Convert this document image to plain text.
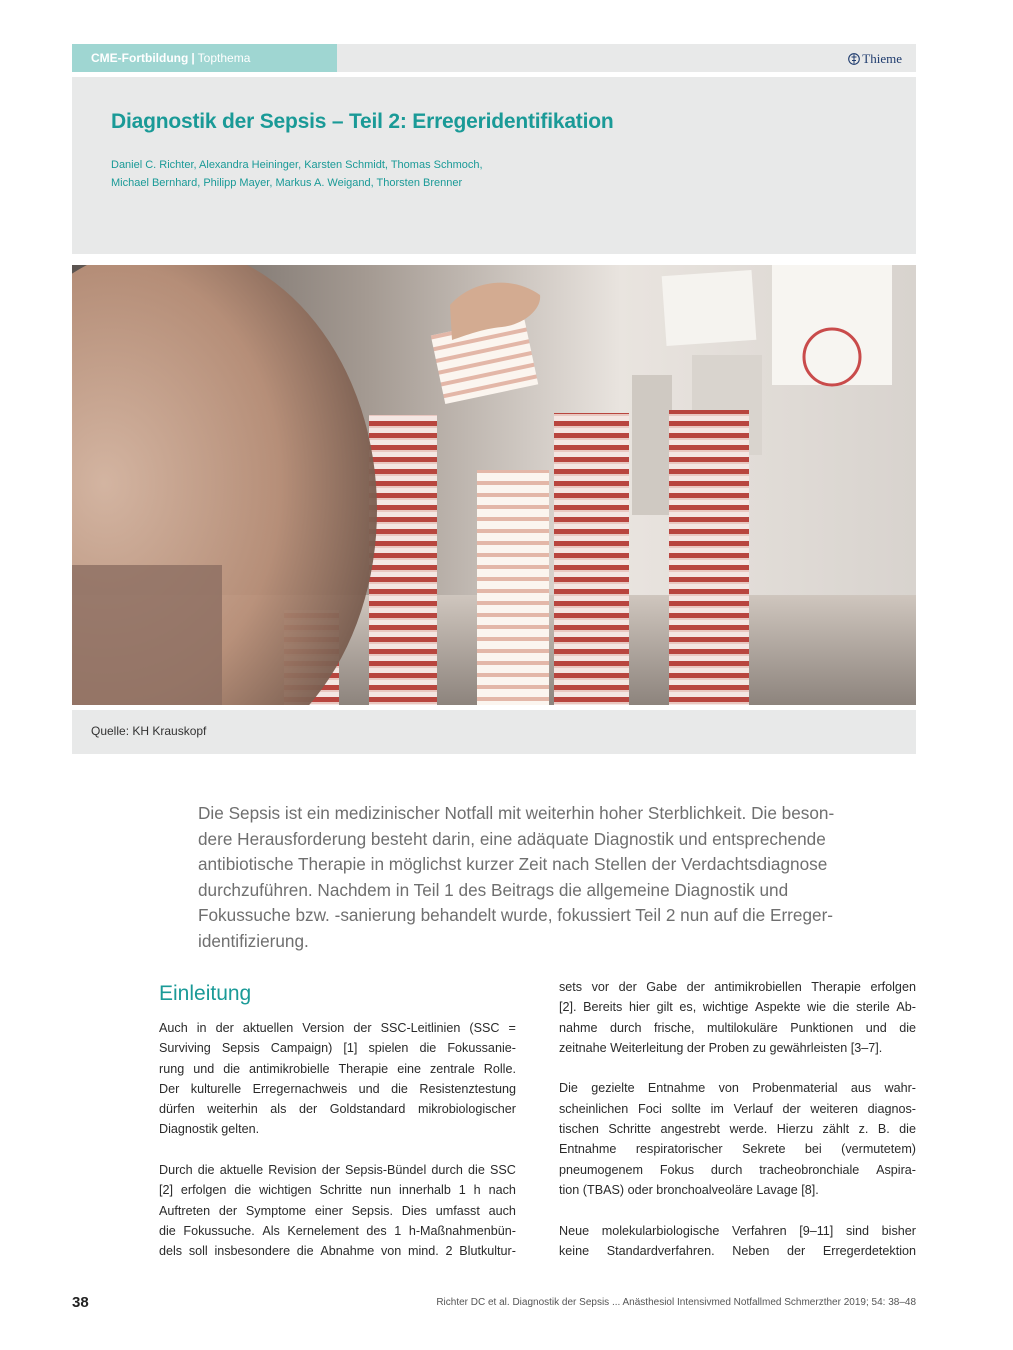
CME-Fortbildung | Topthema	Thieme
Diagnostik der Sepsis – Teil 2: Erregeridentifikation
Daniel C. Richter, Alexandra Heininger, Karsten Schmidt, Thomas Schmoch,
Michael Bernhard, Philipp Mayer, Markus A. Weigand, Thorsten Brenner
Quelle: KH Krauskopf
Die Sepsis ist ein medizinischer Notfall mit weiterhin hoher Sterblichkeit. Die beson-
dere Herausforderung besteht darin, eine adäquate Diagnostik und entsprechende
antibiotische Therapie in möglichst kurzer Zeit nach Stellen der Verdachtsdiagnose
durchzuführen. Nachdem in Teil 1 des Beitrags die allgemeine Diagnostik und
Fokussuche bzw. -sanierung behandelt wurde, fokussiert Teil 2 nun auf die Erreger-
identifizierung.
Einleitung
Auch in der aktuellen Version der SSC-Leitlinien (SSC =
Surviving Sepsis Campaign) [1] spielen die Fokussanie-
rung und die antimikrobielle Therapie eine zentrale Rolle.
Der kulturelle Erregernachweis und die Resistenztestung
dürfen weiterhin als der Goldstandard mikrobiologischer
Diagnostik gelten.
Durch die aktuelle Revision der Sepsis-Bündel durch die SSC
[2] erfolgen die wichtigen Schritte nun innerhalb 1 h nach
Auftreten der Symptome einer Sepsis. Dies umfasst auch
die Fokussuche. Als Kernelement des 1 h-Maßnahmenbün-
dels soll insbesondere die Abnahme von mind. 2 Blutkultur-
sets vor der Gabe der antimikrobiellen Therapie erfolgen
[2]. Bereits hier gilt es, wichtige Aspekte wie die sterile Ab-
nahme durch frische, multilokuläre Punktionen und die
zeitnahe Weiterleitung der Proben zu gewährleisten [3–7].
Die gezielte Entnahme von Probenmaterial aus wahr-
scheinlichen Foci sollte im Verlauf der weiteren diagnos-
tischen Schritte angestrebt werde. Hierzu zählt z. B. die
Entnahme respiratorischer Sekrete bei (vermutetem)
pneumogenem Fokus durch tracheobronchiale Aspira-
tion (TBAS) oder bronchoalveoläre Lavage [8].
Neue molekularbiologische Verfahren [9–11] sind bisher
keine Standardverfahren. Neben der Erregerdetektion
38	Richter DC et al. Diagnostik der Sepsis ... Anästhesiol Intensivmed Notfallmed Schmerzther 2019; 54: 38–48
